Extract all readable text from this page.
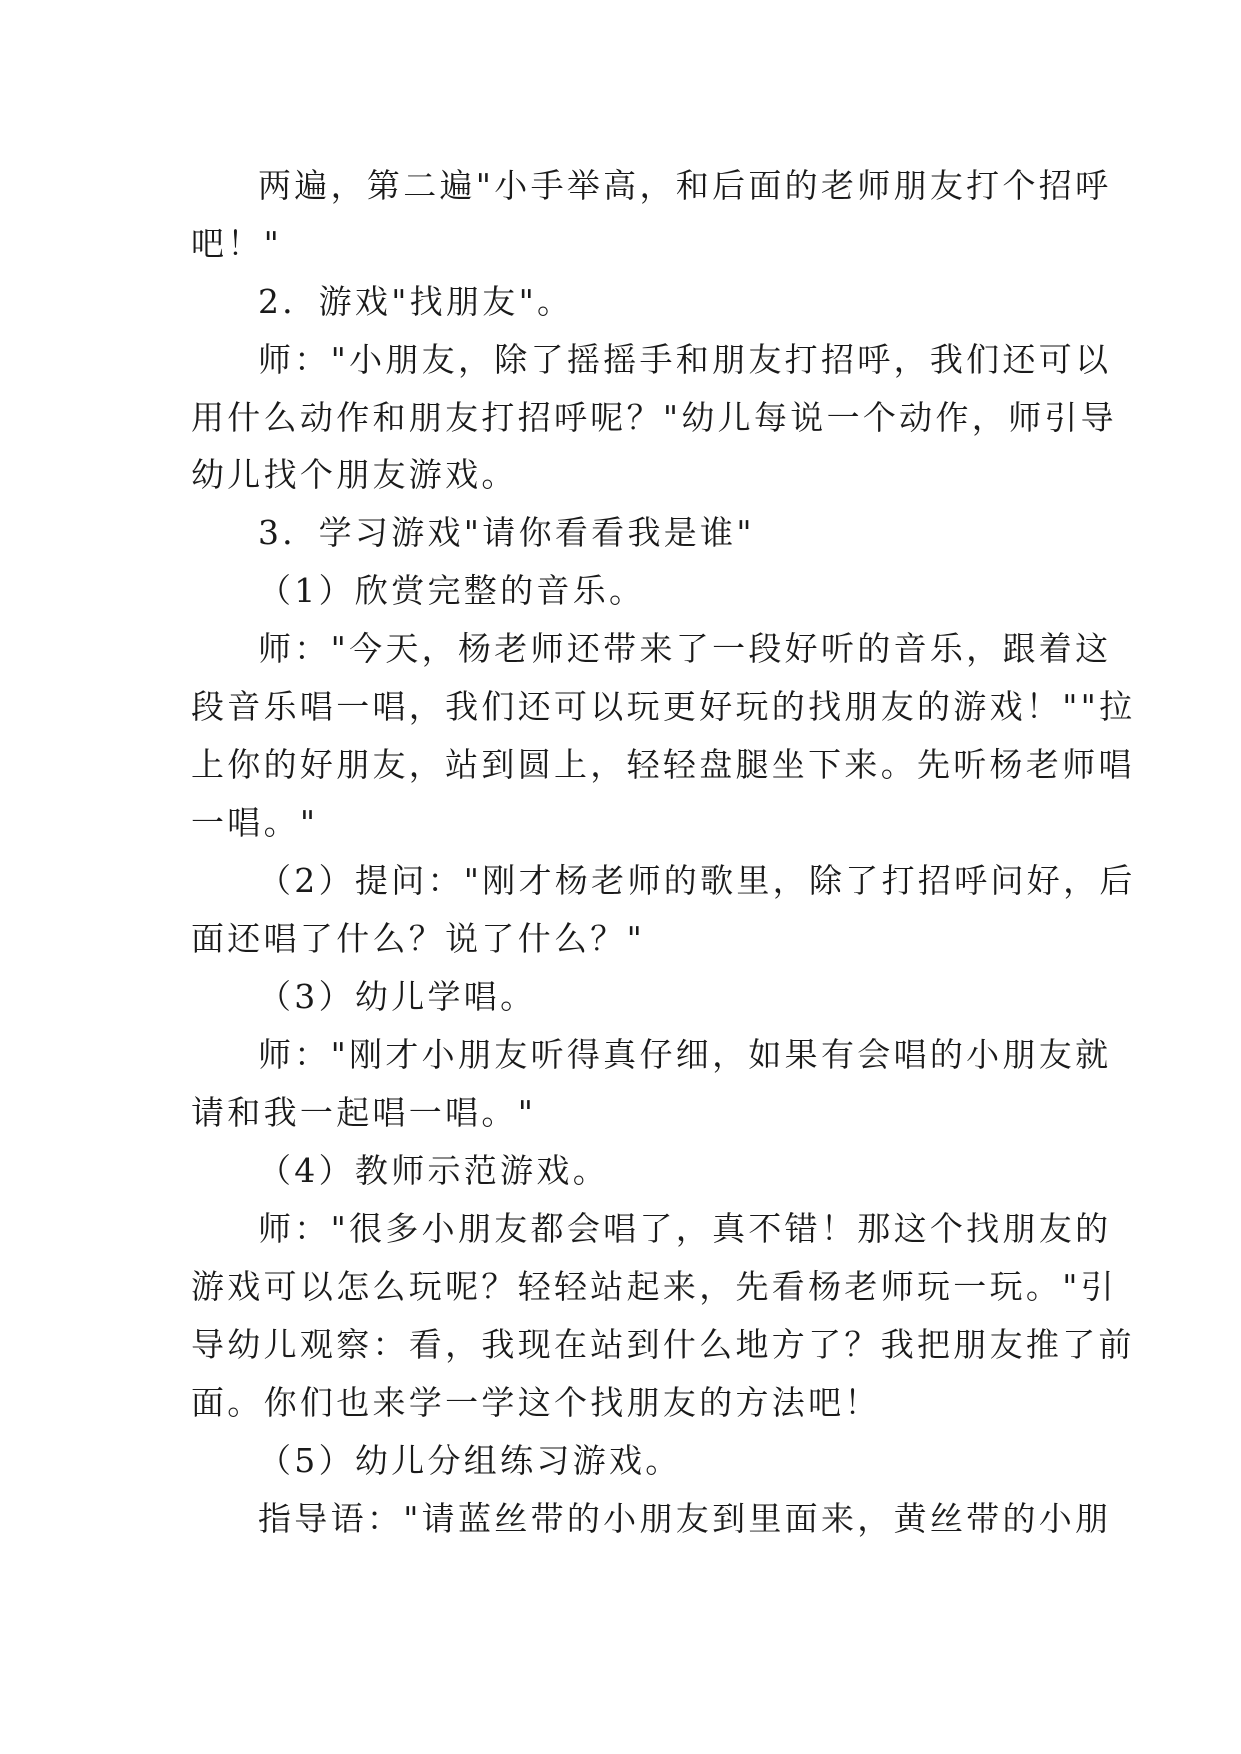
两遍，第二遍"小手举高，和后面的老师朋友打个招呼
吧！"
2．游戏"找朋友"。
师："小朋友，除了摇摇手和朋友打招呼，我们还可以
用什么动作和朋友打招呼呢？"幼儿每说一个动作，师引导
幼儿找个朋友游戏。
3．学习游戏"请你看看我是谁"
（1）欣赏完整的音乐。
师："今天，杨老师还带来了一段好听的音乐，跟着这
段音乐唱一唱，我们还可以玩更好玩的找朋友的游戏！""拉
上你的好朋友，站到圆上，轻轻盘腿坐下来。先听杨老师唱
一唱。"
（2）提问："刚才杨老师的歌里，除了打招呼问好，后
面还唱了什么？说了什么？"
（3）幼儿学唱。
师："刚才小朋友听得真仔细，如果有会唱的小朋友就
请和我一起唱一唱。"
（4）教师示范游戏。
师："很多小朋友都会唱了，真不错！那这个找朋友的
游戏可以怎么玩呢？轻轻站起来，先看杨老师玩一玩。"引
导幼儿观察：看，我现在站到什么地方了？我把朋友推了前
面。你们也来学一学这个找朋友的方法吧！
（5）幼儿分组练习游戏。
指导语："请蓝丝带的小朋友到里面来，黄丝带的小朋
